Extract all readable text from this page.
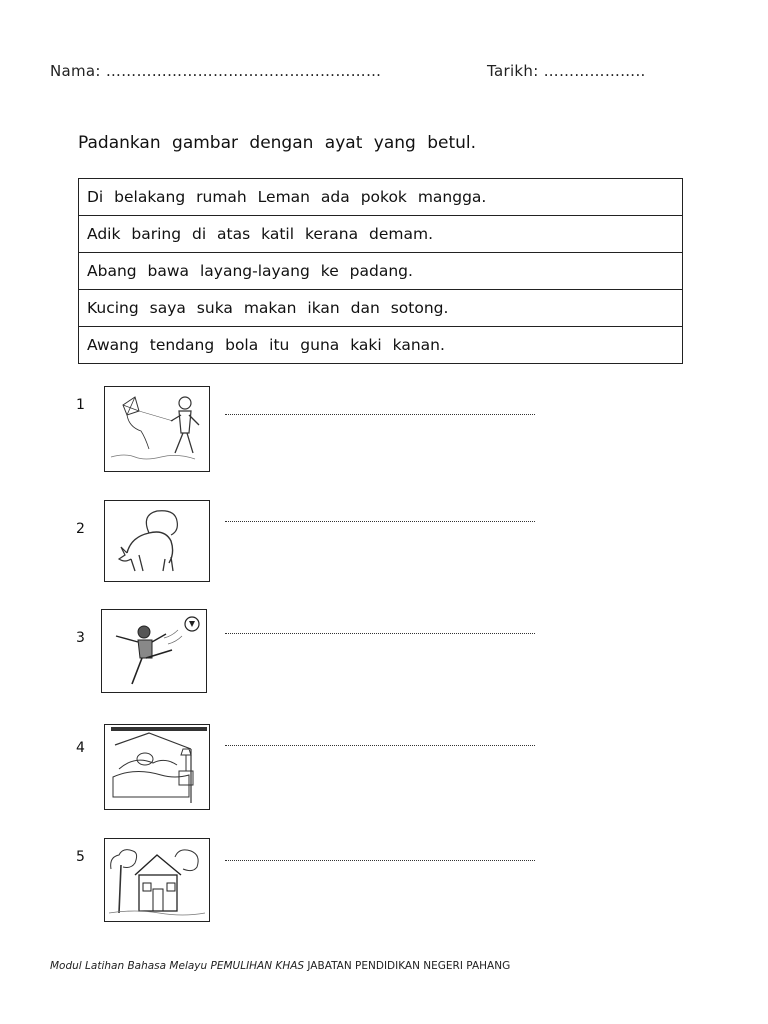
Nama: ………………………………………………	Tarikh: ………………..
Padankan gambar dengan ayat yang betul.
Di belakang rumah Leman ada pokok mangga.
Adik baring di atas katil kerana demam.
Abang bawa layang-layang ke padang.
Kucing saya suka makan ikan dan sotong.
Awang tendang bola itu guna kaki kanan.
1
2
3
4
5
Modul Latihan Bahasa Melayu PEMULIHAN KHAS JABATAN PENDIDIKAN NEGERI PAHANG
